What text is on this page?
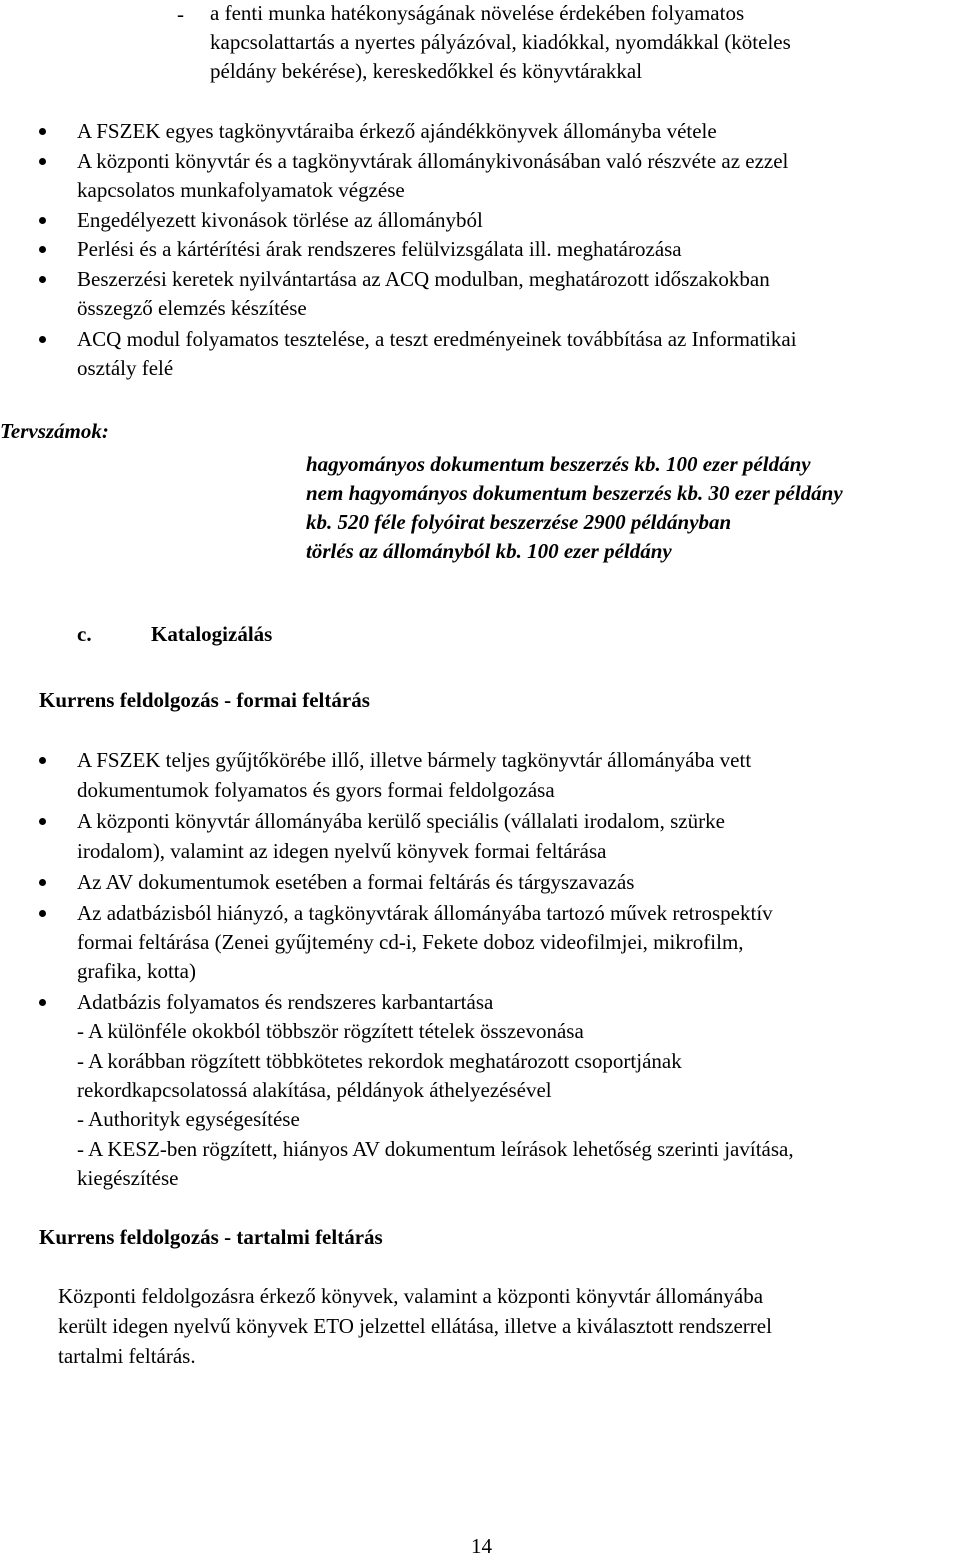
- a fenti munka hatékonyságának növelése érdekében folyamatos
kapcsolattartás a nyertes pályázóval, kiadókkal, nyomdákkal (köteles
példány bekérése), kereskedőkkel és könyvtárakkal
A FSZEK egyes tagkönyvtáraiba érkező ajándékkönyvek állományba vétele
A központi könyvtár és a tagkönyvtárak állománykivonásában való részvéte az ezzel
kapcsolatos munkafolyamatok végzése
Engedélyezett kivonások törlése az állományból
Perlési és a kártérítési árak rendszeres felülvizsgálata ill. meghatározása
Beszerzési keretek nyilvántartása az ACQ modulban, meghatározott időszakokban
összegző elemzés készítése
ACQ modul folyamatos tesztelése, a teszt eredményeinek továbbítása az Informatikai
osztály felé
Tervszámok:
hagyományos dokumentum beszerzés kb. 100 ezer példány
nem hagyományos dokumentum beszerzés kb. 30 ezer példány
kb. 520 féle folyóirat beszerzése 2900 példányban
törlés az állományból kb. 100 ezer példány
c.	Katalogizálás
Kurrens feldolgozás - formai feltárás
A FSZEK teljes gyűjtőkörébe illő, illetve bármely tagkönyvtár állományába vett
dokumentumok folyamatos és gyors formai feldolgozása
A központi könyvtár állományába kerülő speciális (vállalati irodalom, szürke
irodalom), valamint az idegen nyelvű könyvek formai feltárása
Az AV dokumentumok esetében a formai feltárás és tárgyszavazás
Az adatbázisból hiányzó, a tagkönyvtárak állományába tartozó művek retrospektív
formai feltárása (Zenei gyűjtemény cd-i, Fekete doboz videofilmjei, mikrofilm,
grafika, kotta)
Adatbázis folyamatos és rendszeres karbantartása
- A különféle okokból többször rögzített tételek összevonása
- A korábban rögzített többkötetes rekordok meghatározott csoportjának
rekordkapcsolatossá alakítása, példányok áthelyezésével
- Authorityk egységesítése
- A KESZ-ben rögzített, hiányos AV dokumentum leírások lehetőség szerinti javítása,
kiegészítése
Kurrens feldolgozás - tartalmi feltárás
Központi feldolgozásra érkező könyvek, valamint a központi könyvtár állományába
került idegen nyelvű könyvek ETO jelzettel ellátása, illetve a kiválasztott rendszerrel
tartalmi feltárás.
14
